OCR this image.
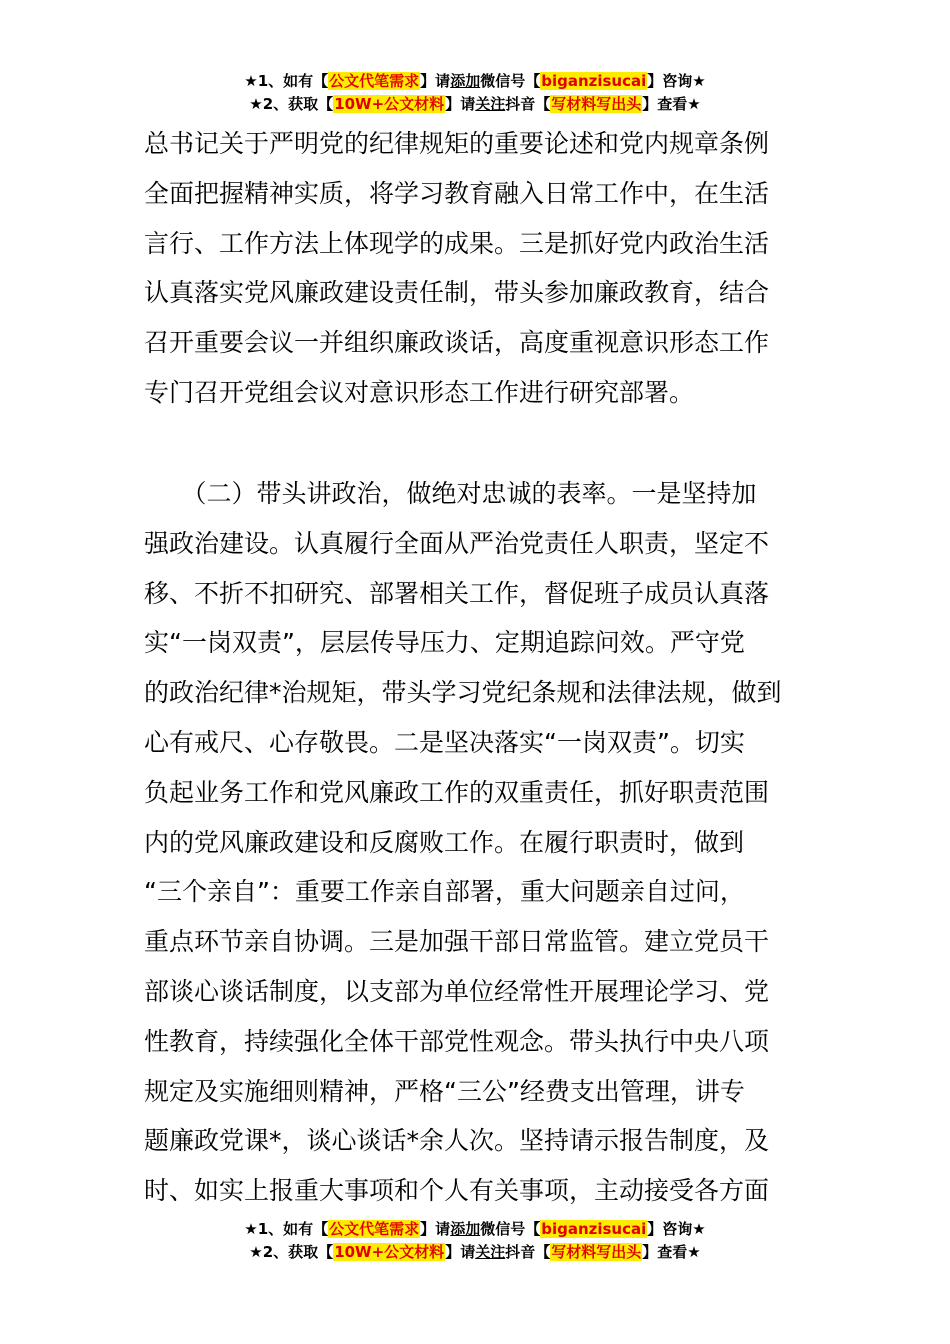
★1、如有【公文代笔需求】请添加微信号【biganzisucai】咨询★
★2、获取【10W+公文材料】请关注抖音【写材料写出头】查看★
总书记关于严明党的纪律规矩的重要论述和党内规章条例
全面把握精神实质，将学习教育融入日常工作中，在生活
言行、工作方法上体现学的成果。三是抓好党内政治生活
认真落实党风廉政建设责任制，带头参加廉政教育，结合
召开重要会议一并组织廉政谈话，高度重视意识形态工作
专门召开党组会议对意识形态工作进行研究部署。
　　（二）带头讲政治，做绝对忠诚的表率。一是坚持加
强政治建设。认真履行全面从严治党责任人职责，坚定不
移、不折不扣研究、部署相关工作，督促班子成员认真落
实“一岗双责”，层层传导压力、定期追踪问效。严守党
的政治纪律*治规矩，带头学习党纪条规和法律法规，做到
心有戒尺、心存敬畏。二是坚决落实“一岗双责”。切实
负起业务工作和党风廉政工作的双重责任，抓好职责范围
内的党风廉政建设和反腐败工作。在履行职责时，做到
“三个亲自”：重要工作亲自部署，重大问题亲自过问，
重点环节亲自协调。三是加强干部日常监管。建立党员干
部谈心谈话制度，以支部为单位经常性开展理论学习、党
性教育，持续强化全体干部党性观念。带头执行中央八项
规定及实施细则精神，严格“三公”经费支出管理，讲专
题廉政党课*，谈心谈话*余人次。坚持请示报告制度，及
时、如实上报重大事项和个人有关事项，主动接受各方面
★1、如有【公文代笔需求】请添加微信号【biganzisucai】咨询★
★2、获取【10W+公文材料】请关注抖音【写材料写出头】查看★
